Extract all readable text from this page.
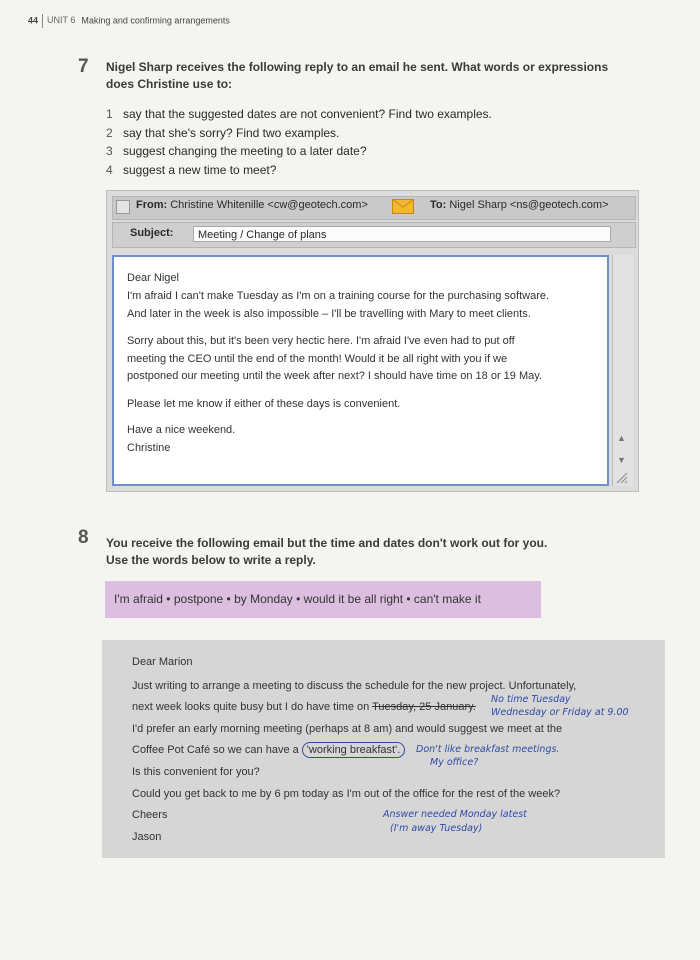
44 UNIT 6 Making and confirming arrangements
7 Nigel Sharp receives the following reply to an email he sent. What words or expressions
does Christine use to:
1 say that the suggested dates are not convenient? Find two examples.
2 say that she's sorry? Find two examples.
3 suggest changing the meeting to a later date?
4 suggest a new time to meet?
From: Christine Whitenille <cw@geotech.com>	To: Nigel Sharp <ns@geotech.com>
Subject:	Meeting / Change of plans
Dear Nigel
I'm afraid I can't make Tuesday as I'm on a training course for the purchasing software.
And later in the week is also impossible – I'll be travelling with Mary to meet clients.
Sorry about this, but it's been very hectic here. I'm afraid I've even had to put off
meeting the CEO until the end of the month! Would it be all right with you if we
postponed our meeting until the week after next? I should have time on 18 or 19 May.
Please let me know if either of these days is convenient.
Have a nice weekend.
Christine
▲
▼
8 You receive the following email but the time and dates don't work out for you.
Use the words below to write a reply.
I'm afraid • postpone • by Monday • would it be all right • can't make it
Dear Marion
Just writing to arrange a meeting to discuss the schedule for the new project. Unfortunately,
next week looks quite busy but I do have time on Tuesday, 25 January.
I'd prefer an early morning meeting (perhaps at 8 am) and would suggest we meet at the
Coffee Pot Café so we can have a 'working breakfast'.
Is this convenient for you?
Could you get back to me by 6 pm today as I'm out of the office for the rest of the week?
Cheers
Jason
No time Tuesday
Wednesday or Friday at 9.00
Don't like breakfast meetings.
My office?
Answer needed Monday latest
(I'm away Tuesday)
